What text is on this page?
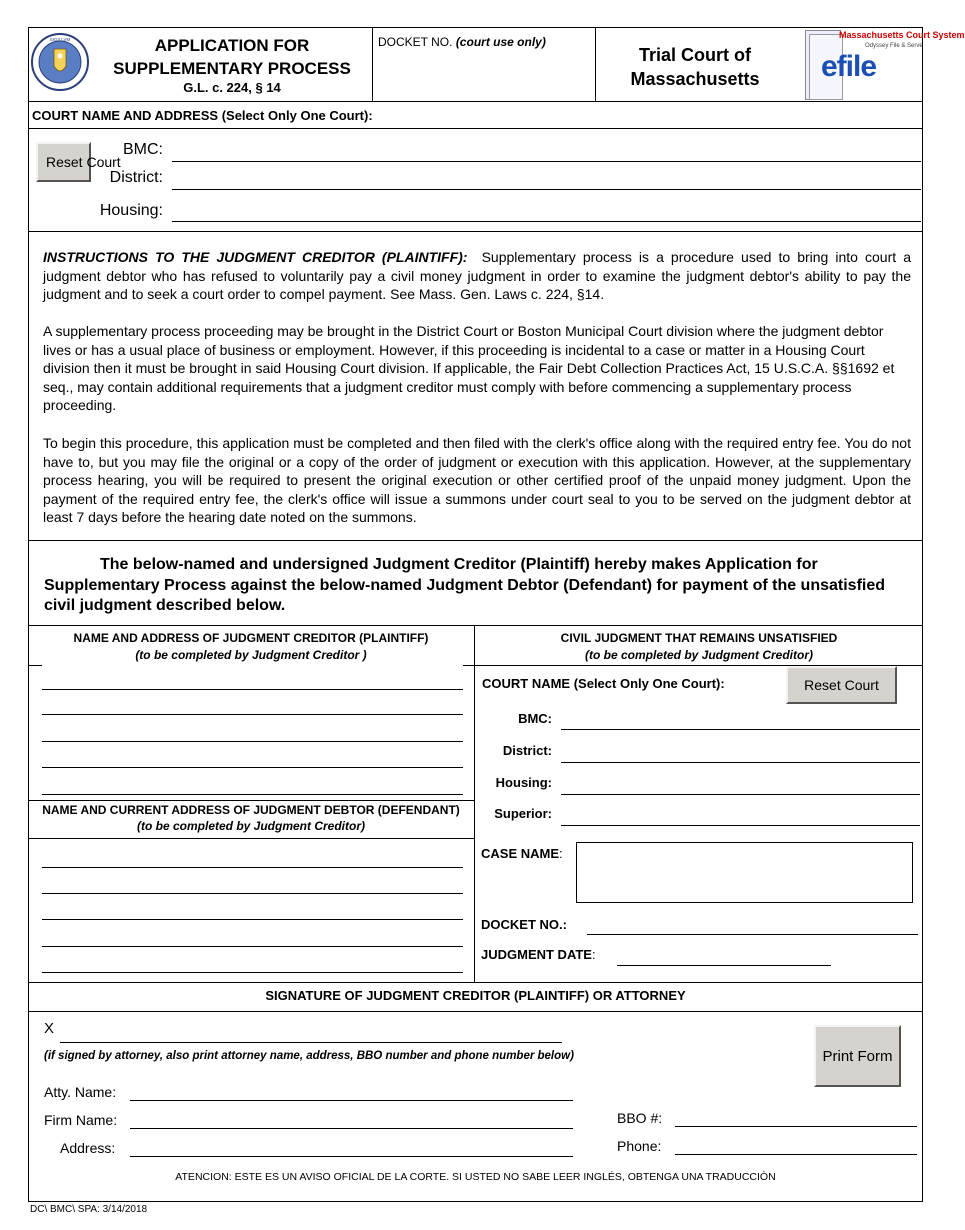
SIGILLVM	APPLICATION FOR
SUPPLEMENTARY PROCESS
G.L. c. 224, § 14
DOCKET NO. (court use only)
Trial Court of
Massachusetts
Massachusetts Court System
Odyssey File & Serve
efile
COURT NAME AND ADDRESS (Select Only One Court):
Reset Court
BMC:
District:
Housing:
INSTRUCTIONS TO THE JUDGMENT CREDITOR (PLAINTIFF): Supplementary process is a procedure used to bring into court a judgment debtor who has refused to voluntarily pay a civil money judgment in order to examine the judgment debtor's ability to pay the judgment and to seek a court order to compel payment. See Mass. Gen. Laws c. 224, §14.
A supplementary process proceeding may be brought in the District Court or Boston Municipal Court division where the judgment debtor lives or has a usual place of business or employment. However, if this proceeding is incidental to a case or matter in a Housing Court division then it must be brought in said Housing Court division. If applicable, the Fair Debt Collection Practices Act, 15 U.S.C.A. §§1692 et seq., may contain additional requirements that a judgment creditor must comply with before commencing a supplementary process proceeding.
To begin this procedure, this application must be completed and then filed with the clerk's office along with the required entry fee. You do not have to, but you may file the original or a copy of the order of judgment or execution with this application. However, at the supplementary process hearing, you will be required to present the original execution or other certified proof of the unpaid money judgment. Upon the payment of the required entry fee, the clerk's office will issue a summons under court seal to you to be served on the judgment debtor at least 7 days before the hearing date noted on the summons.
The below-named and undersigned Judgment Creditor (Plaintiff) hereby makes Application for Supplementary Process against the below-named Judgment Debtor (Defendant) for payment of the unsatisfied civil judgment described below.
NAME AND ADDRESS OF JUDGMENT CREDITOR (PLAINTIFF)
(to be completed by Judgment Creditor )
CIVIL JUDGMENT THAT REMAINS UNSATISFIED
(to be completed by Judgment Creditor)
NAME AND CURRENT ADDRESS OF JUDGMENT DEBTOR (DEFENDANT)
(to be completed by Judgment Creditor)
COURT NAME (Select Only One Court):	Reset Court
BMC:
District:
Housing:
Superior:
CASE NAME:
DOCKET NO.:
JUDGMENT DATE:
SIGNATURE OF JUDGMENT CREDITOR (PLAINTIFF) OR ATTORNEY
X
(if signed by attorney, also print attorney name, address, BBO number and phone number below)	Print Form
Atty. Name:
Firm Name:
Address:
BBO #:
Phone:
ATENCION: ESTE ES UN AVISO OFICIAL DE LA CORTE. SI USTED NO SABE LEER INGLÉS, OBTENGA UNA TRADUCCIÒN
DC\ BMC\ SPA: 3/14/2018
